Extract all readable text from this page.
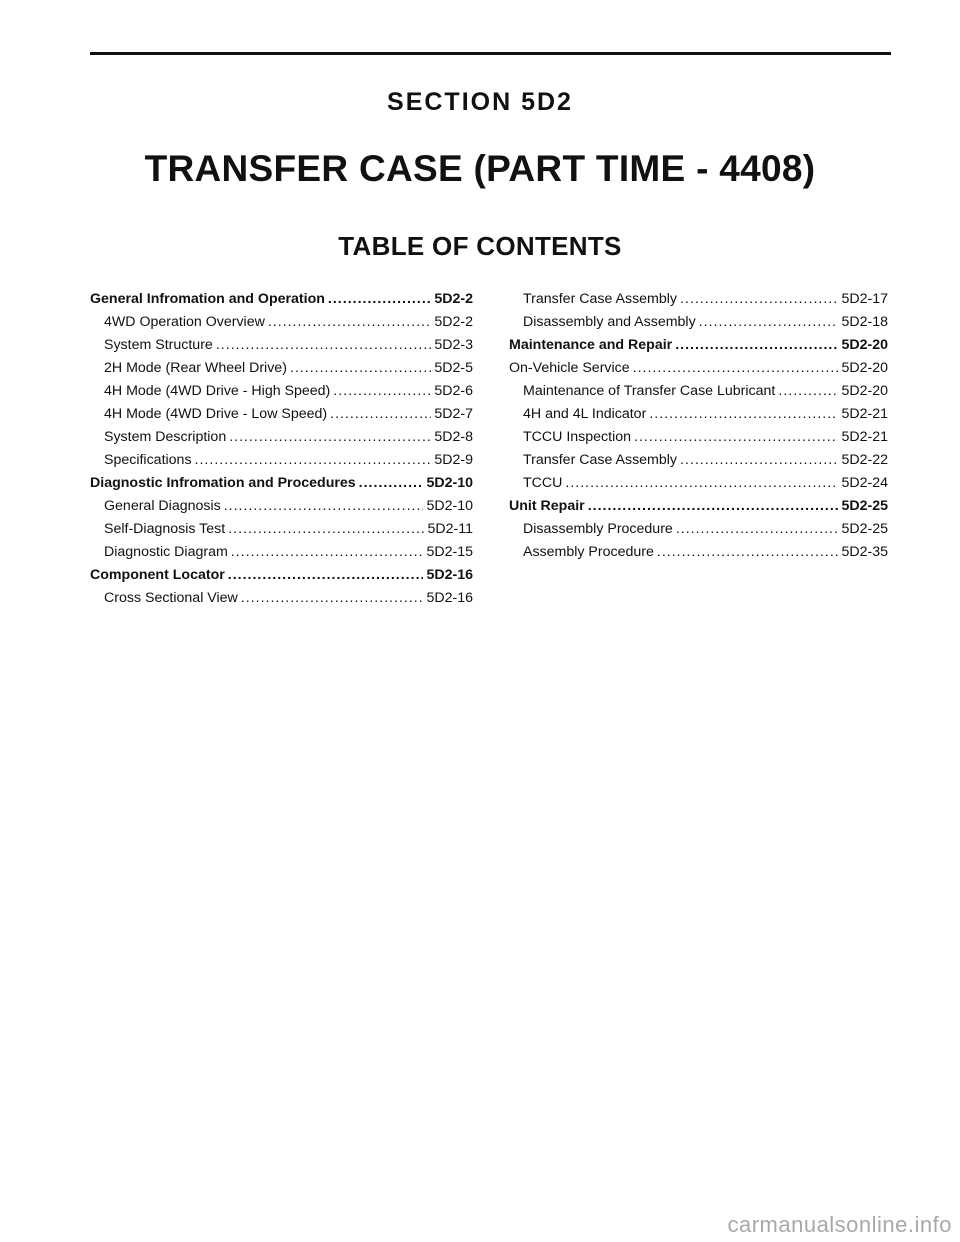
SECTION 5D2
TRANSFER CASE (PART TIME - 4408)
TABLE OF CONTENTS
General Infromation and Operation .....	5D2-2
4WD Operation Overview .....	5D2-2
System Structure .....	5D2-3
2H Mode (Rear Wheel Drive) .....	5D2-5
4H Mode (4WD Drive - High Speed) .....	5D2-6
4H Mode (4WD Drive - Low Speed) .....	5D2-7
System Description .....	5D2-8
Specifications .....	5D2-9
Diagnostic Infromation and Procedures .....	5D2-10
General Diagnosis .....	5D2-10
Self-Diagnosis Test .....	5D2-11
Diagnostic Diagram .....	5D2-15
Component Locator .....	5D2-16
Cross Sectional View .....	5D2-16
Transfer Case Assembly .....	5D2-17
Disassembly and Assembly .....	5D2-18
Maintenance and Repair .....	5D2-20
On-Vehicle Service .....	5D2-20
Maintenance of Transfer Case Lubricant .....	5D2-20
4H and 4L Indicator .....	5D2-21
TCCU Inspection .....	5D2-21
Transfer Case Assembly .....	5D2-22
TCCU .....	5D2-24
Unit Repair .....	5D2-25
Disassembly Procedure .....	5D2-25
Assembly Procedure .....	5D2-35
carmanualsonline.info
